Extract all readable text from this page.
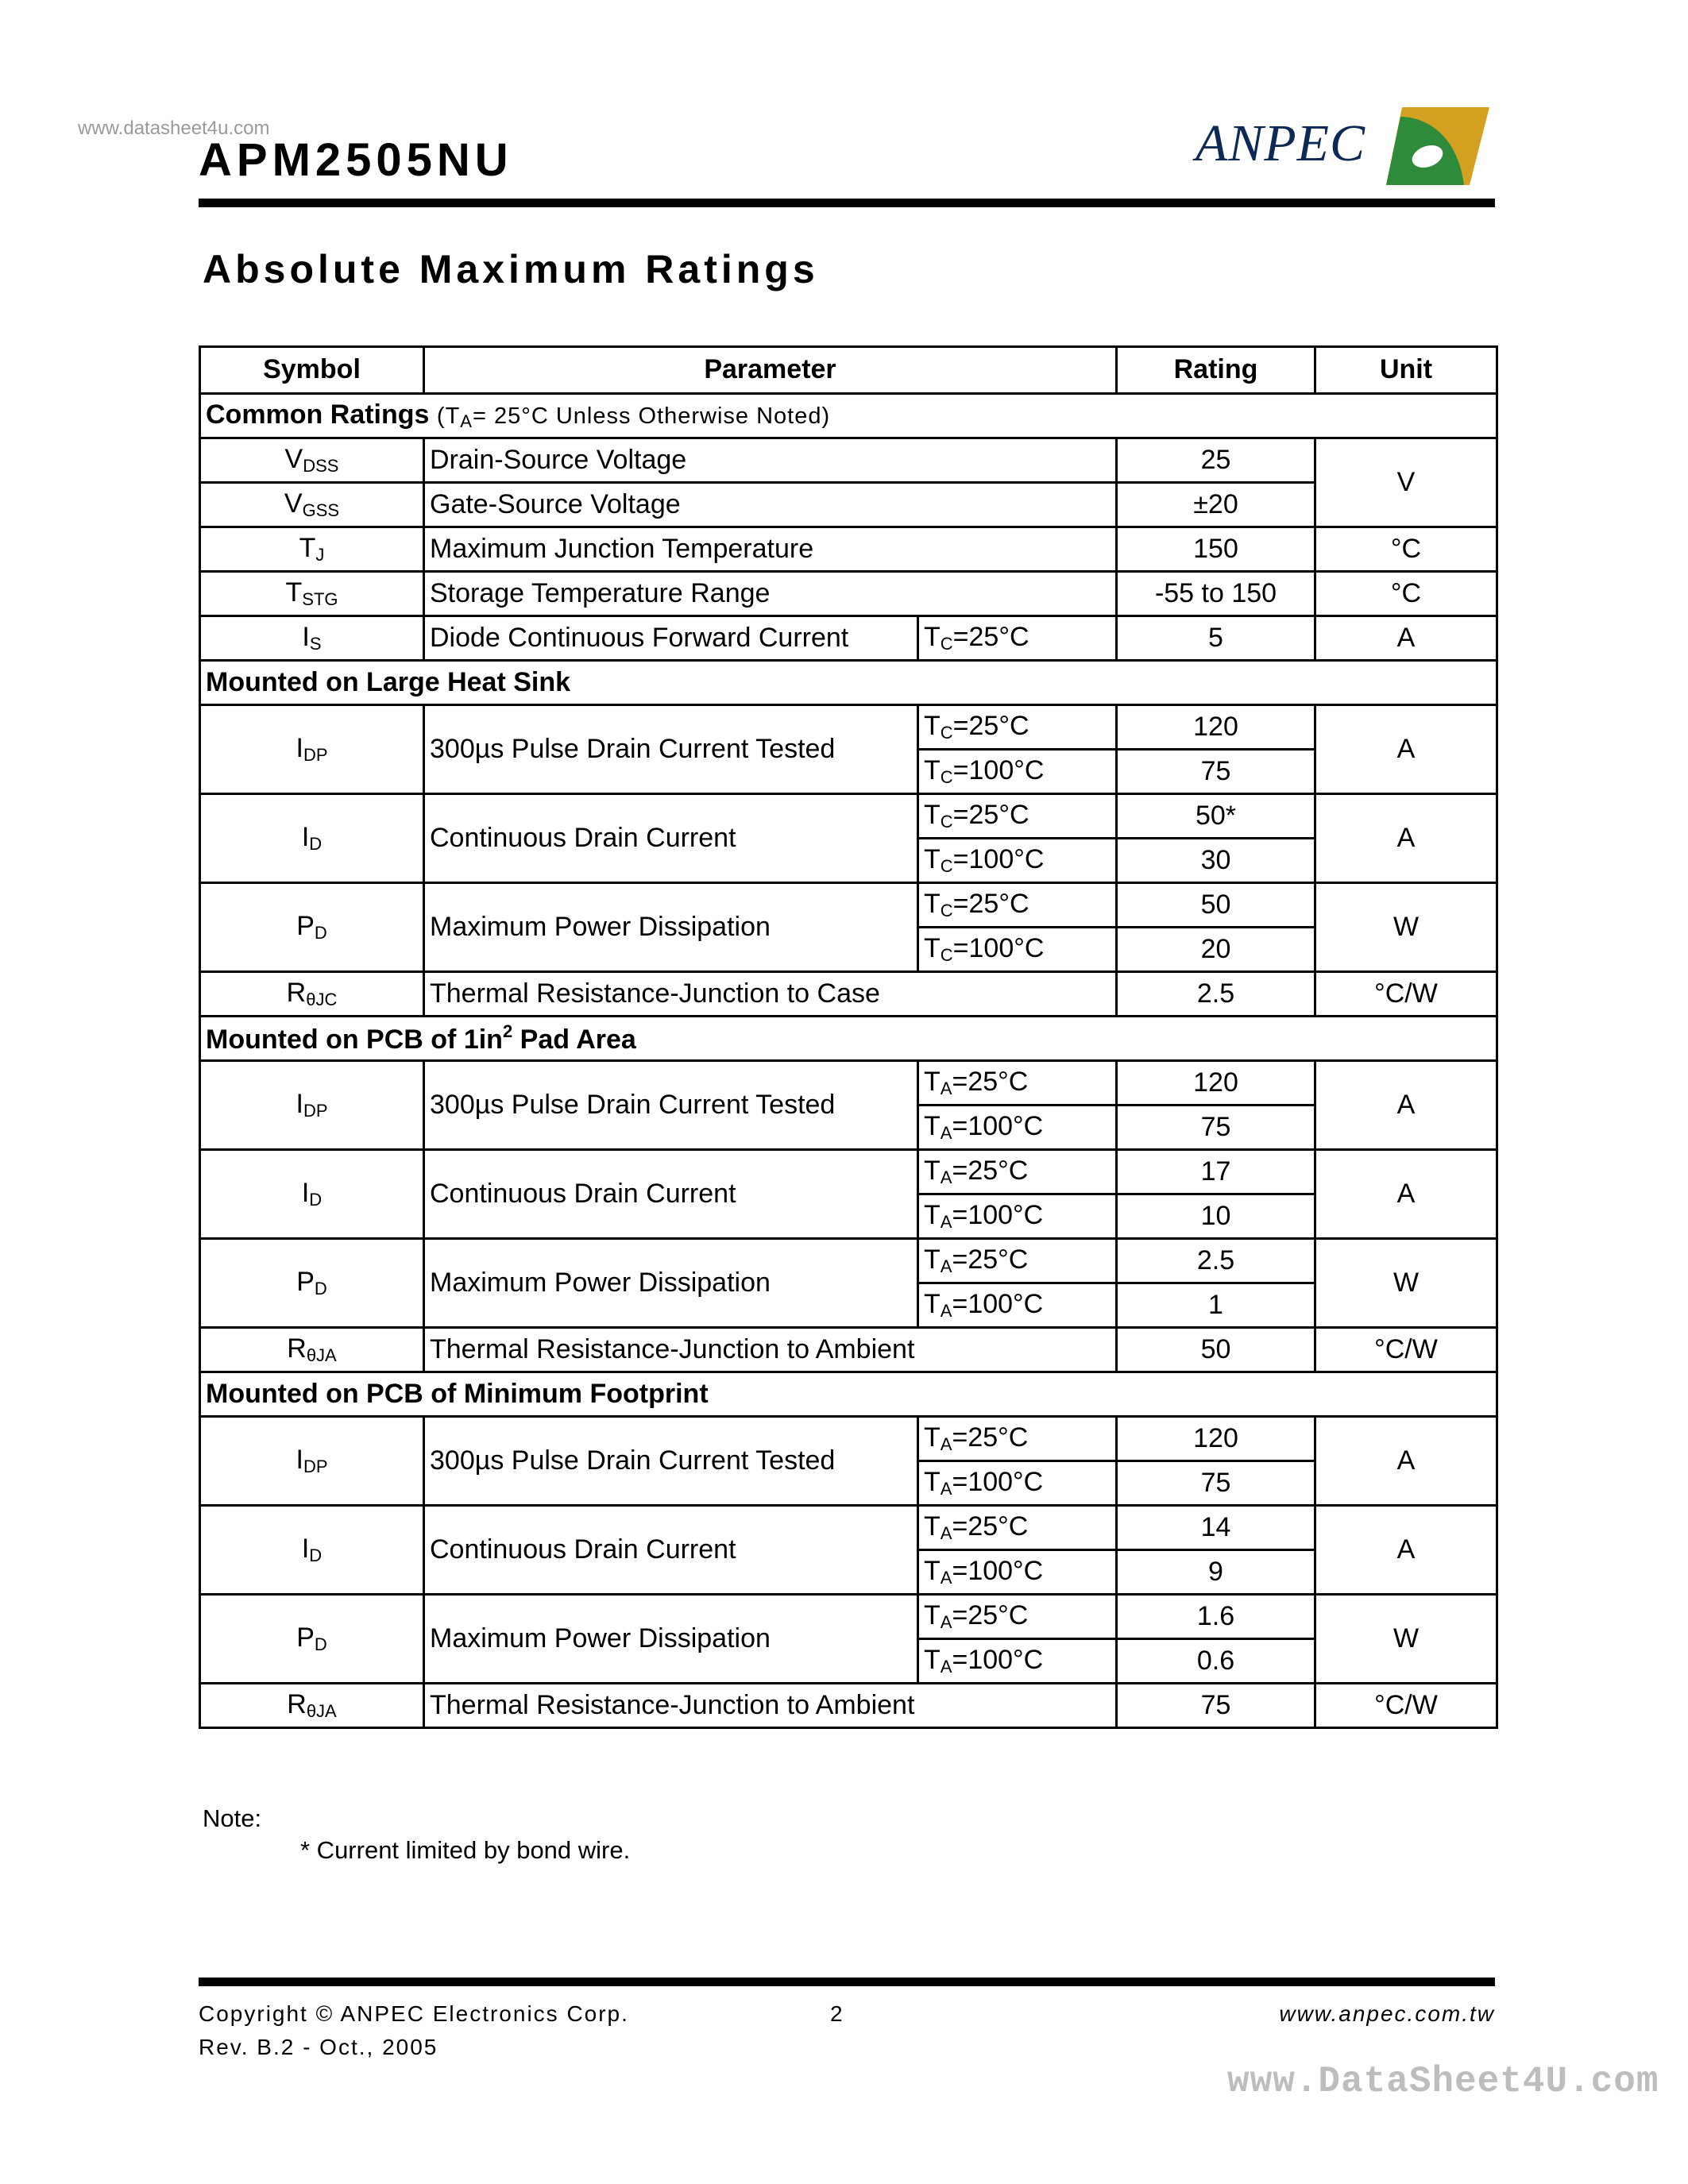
www.datasheet4u.com
APM2505NU	ANPEC
Absolute Maximum Ratings
Symbol	Parameter		Rating	Unit
Common Ratings ($T_A= 25^\circ C$ Unless Otherwise Noted)				
$V_{DSS}$	Drain-Source Voltage		25	V
$V_{GSS}$	Gate-Source Voltage		±20	
$T_J$	Maximum Junction Temperature		150	°C
$T_{STG}$	Storage Temperature Range		-55 to 150	°C
$I_S$	Diode Continuous Forward Current	$T_C=25^\circ C$	5	A
Mounted on Large Heat Sink				
$I_{DP}$	300µs Pulse Drain Current Tested	$T_C=25^\circ C$	120	A
		$T_C=100^\circ C$	75	
$I_D$	Continuous Drain Current	$T_C=25^\circ C$	50*	A
		$T_C=100^\circ C$	30	
$P_D$	Maximum Power Dissipation	$T_C=25^\circ C$	50	W
		$T_C=100^\circ C$	20	
$R_{\theta JC}$	Thermal Resistance-Junction to Case		2.5	°C/W
Mounted on PCB of $1in^2$ Pad Area				
$I_{DP}$	300µs Pulse Drain Current Tested	$T_A=25^\circ C$	120	A
		$T_A=100^\circ C$	75	
$I_D$	Continuous Drain Current	$T_A=25^\circ C$	17	A
		$T_A=100^\circ C$	10	
$P_D$	Maximum Power Dissipation	$T_A=25^\circ C$	2.5	W
		$T_A=100^\circ C$	1	
$R_{\theta JA}$	Thermal Resistance-Junction to Ambient		50	°C/W
Mounted on PCB of Minimum Footprint				
$I_{DP}$	300µs Pulse Drain Current Tested	$T_A=25^\circ C$	120	A
		$T_A=100^\circ C$	75	
$I_D$	Continuous Drain Current	$T_A=25^\circ C$	14	A
		$T_A=100^\circ C$	9	
$P_D$	Maximum Power Dissipation	$T_A=25^\circ C$	1.6	W
		$T_A=100^\circ C$	0.6	
$R_{\theta JA}$	Thermal Resistance-Junction to Ambient		75	°C/W
Note:
* Current limited by bond wire.
Copyright © ANPEC Electronics Corp.	2	www.anpec.com.tw
Rev. B.2 - Oct., 2005
www.DataSheet4U.com
